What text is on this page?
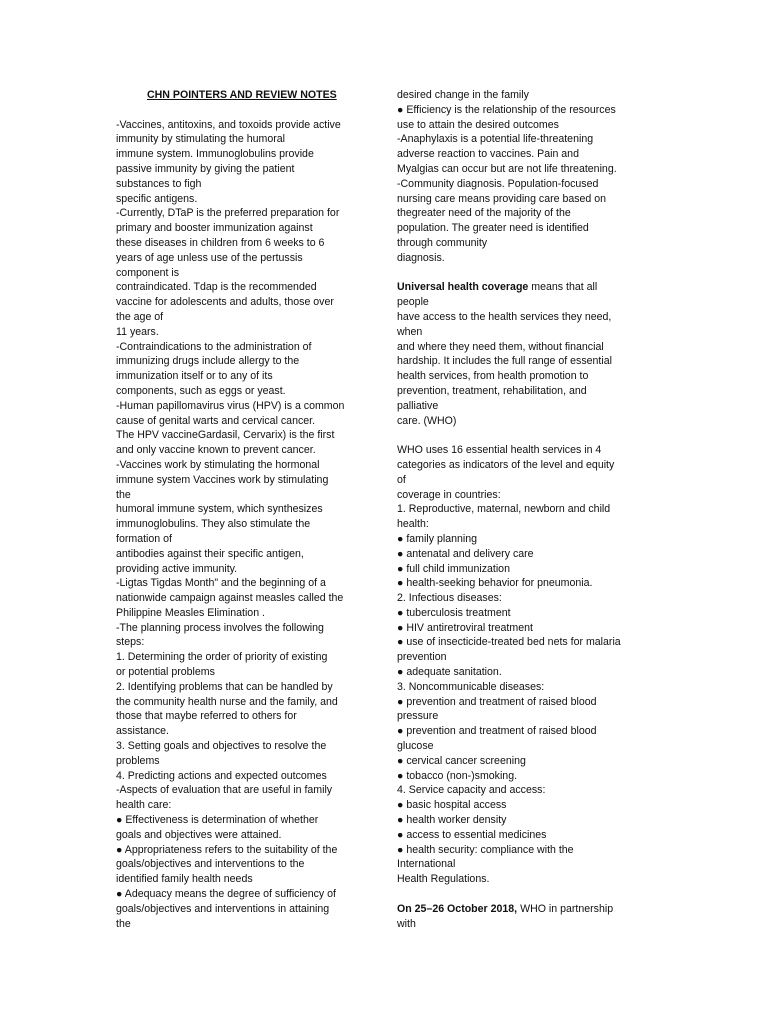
CHN POINTERS AND REVIEW NOTES
-Vaccines, antitoxins, and toxoids provide active
immunity by stimulating the humoral
immune system. Immunoglobulins provide
passive immunity by giving the patient
substances to figh
specific antigens.
-Currently, DTaP is the preferred preparation for
primary and booster immunization against
these diseases in children from 6 weeks to 6
years of age unless use of the pertussis
component is
contraindicated. Tdap is the recommended
vaccine for adolescents and adults, those over
the age of
11 years.
-Contraindications to the administration of
immunizing drugs include allergy to the
immunization itself or to any of its
components, such as eggs or yeast.
-Human papillomavirus virus (HPV) is a common
cause of genital warts and cervical cancer.
The HPV vaccineGardasil, Cervarix) is the first
and only vaccine known to prevent cancer.
-Vaccines work by stimulating the hormonal
immune system Vaccines work by stimulating
the
humoral immune system, which synthesizes
immunoglobulins. They also stimulate the
formation of
antibodies against their specific antigen,
providing active immunity.
-Ligtas Tigdas Month" and the beginning of a
nationwide campaign against measles called the
Philippine Measles Elimination .
-The planning process involves the following
steps:
1. Determining the order of priority of existing
or potential problems
2. Identifying problems that can be handled by
the community health nurse and the family, and
those that maybe referred to others for
assistance.
3. Setting goals and objectives to resolve the
problems
4. Predicting actions and expected outcomes
-Aspects of evaluation that are useful in family
health care:
● Effectiveness is determination of whether
goals and objectives were attained.
● Appropriateness refers to the suitability of the
goals/objectives and interventions to the
identified family health needs
● Adequacy means the degree of sufficiency of
goals/objectives and interventions in attaining
the
desired change in the family
● Efficiency is the relationship of the resources
use to attain the desired outcomes
-Anaphylaxis is a potential life-threatening
adverse reaction to vaccines. Pain and
Myalgias can occur but are not life threatening.
-Community diagnosis. Population-focused
nursing care means providing care based on
thegreater need of the majority of the
population. The greater need is identified
through community
diagnosis.
Universal health coverage means that all
people
have access to the health services they need,
when
and where they need them, without financial
hardship. It includes the full range of essential
health services, from health promotion to
prevention, treatment, rehabilitation, and
palliative
care. (WHO)
WHO uses 16 essential health services in 4
categories as indicators of the level and equity
of
coverage in countries:
1. Reproductive, maternal, newborn and child
health:
● family planning
● antenatal and delivery care
● full child immunization
● health-seeking behavior for pneumonia.
2. Infectious diseases:
● tuberculosis treatment
● HIV antiretroviral treatment
● use of insecticide-treated bed nets for malaria
prevention
● adequate sanitation.
3. Noncommunicable diseases:
● prevention and treatment of raised blood
pressure
● prevention and treatment of raised blood
glucose
● cervical cancer screening
● tobacco (non-)smoking.
4. Service capacity and access:
● basic hospital access
● health worker density
● access to essential medicines
● health security: compliance with the
International
Health Regulations.
On 25–26 October 2018, WHO in partnership
with
